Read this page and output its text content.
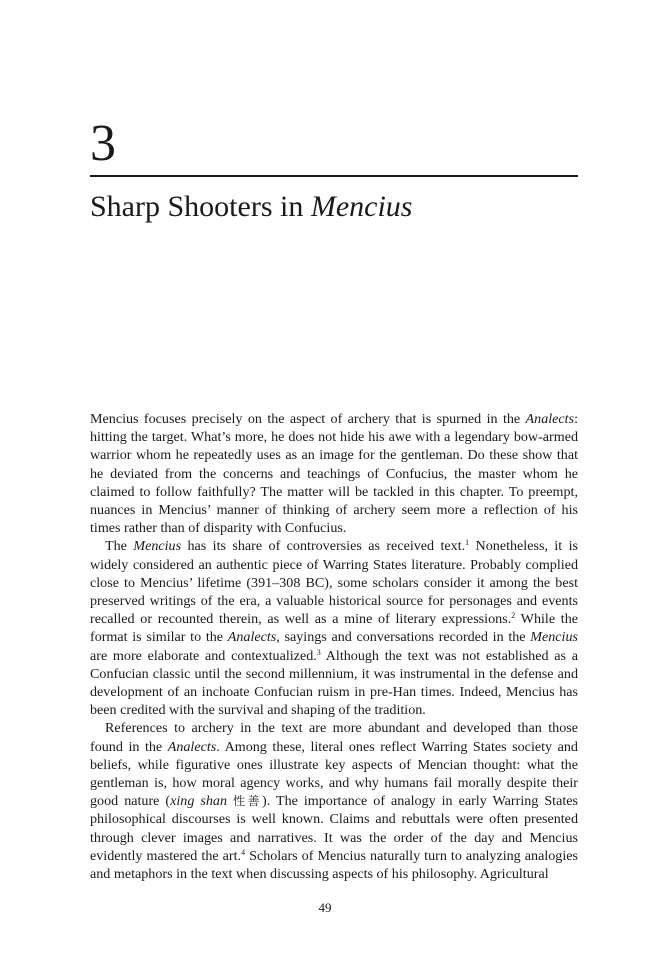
3
Sharp Shooters in Mencius

Mencius focuses precisely on the aspect of archery that is spurned in the Analects: hitting the target. What’s more, he does not hide his awe with a legendary bow-armed warrior whom he repeatedly uses as an image for the gentleman. Do these show that he deviated from the concerns and teachings of Confucius, the master whom he claimed to follow faithfully? The matter will be tackled in this chapter. To preempt, nuances in Mencius’ manner of thinking of archery seem more a reflection of his times rather than of disparity with Confucius.

The Mencius has its share of controversies as received text.$^1$ Nonetheless, it is widely considered an authentic piece of Warring States literature. Probably complied close to Mencius’ lifetime (391–308 BC), some scholars consider it among the best preserved writings of the era, a valuable historical source for personages and events recalled or recounted therein, as well as a mine of literary expressions.$^2$ While the format is similar to the Analects, sayings and conversations recorded in the Mencius are more elaborate and contextualized.$^3$ Although the text was not established as a Confucian classic until the second millennium, it was instrumental in the defense and development of an inchoate Confucian ruism in pre-Han times. Indeed, Mencius has been credited with the survival and shaping of the tradition.

References to archery in the text are more abundant and developed than those found in the Analects. Among these, literal ones reflect Warring States society and beliefs, while figurative ones illustrate key aspects of Mencian thought: what the gentleman is, how moral agency works, and why humans fail morally despite their good nature (xing shan 性善). The importance of analogy in early Warring States philosophical discourses is well known. Claims and rebuttals were often presented through clever images and narratives. It was the order of the day and Mencius evidently mastered the art.$^4$ Scholars of Mencius naturally turn to analyzing analogies and metaphors in the text when discussing aspects of his philosophy. Agricultural

49
